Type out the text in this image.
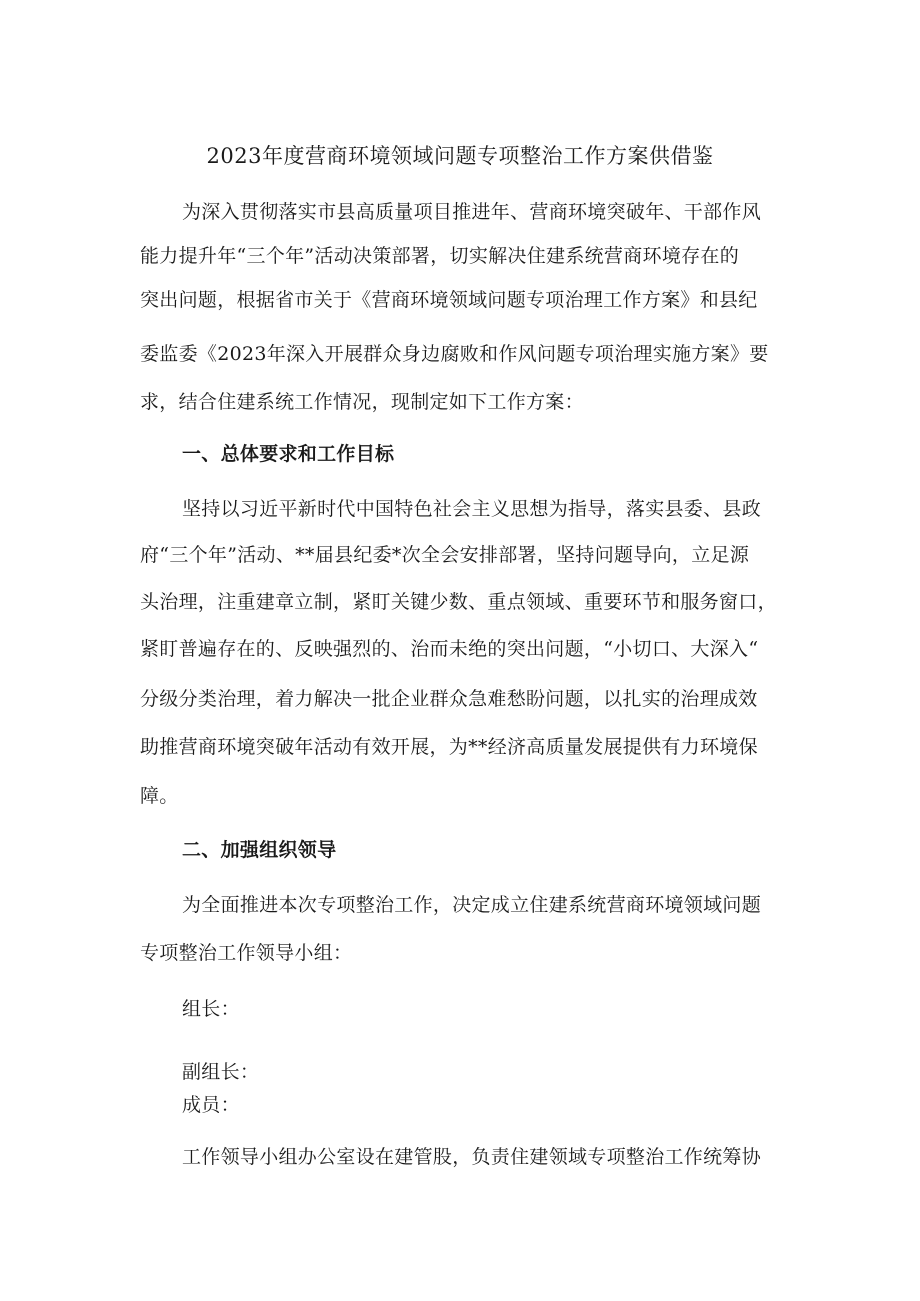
2023年度营商环境领域问题专项整治工作方案供借鉴
为深入贯彻落实市县高质量项目推进年、营商环境突破年、干部作风
能力提升年“三个年”活动决策部署，切实解决住建系统营商环境存在的
突出问题，根据省市关于《营商环境领域问题专项治理工作方案》和县纪
委监委《2023年深入开展群众身边腐败和作风问题专项治理实施方案》要
求，结合住建系统工作情况，现制定如下工作方案：
一、总体要求和工作目标
坚持以习近平新时代中国特色社会主义思想为指导，落实县委、县政
府“三个年”活动、**届县纪委*次全会安排部署，坚持问题导向，立足源
头治理，注重建章立制，紧盯关键少数、重点领域、重要环节和服务窗口，
紧盯普遍存在的、反映强烈的、治而未绝的突出问题，“小切口、大深入“
分级分类治理，着力解决一批企业群众急难愁盼问题，以扎实的治理成效
助推营商环境突破年活动有效开展，为**经济高质量发展提供有力环境保
障。
二、加强组织领导
为全面推进本次专项整治工作，决定成立住建系统营商环境领域问题
专项整治工作领导小组：
组长：
副组长：
成员：
工作领导小组办公室设在建管股，负责住建领域专项整治工作统筹协
